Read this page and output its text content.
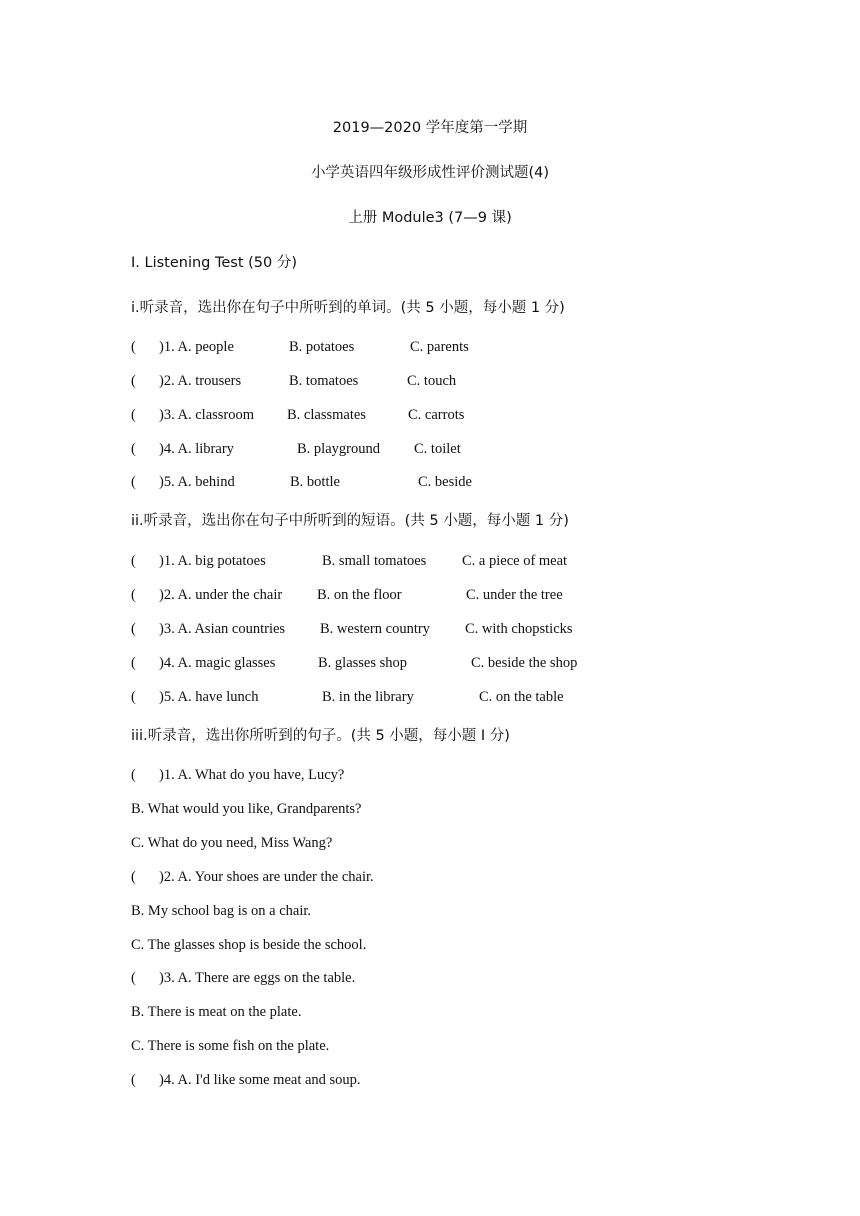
2019—2020 学年度第一学期
小学英语四年级形成性评价测试题(4)
上册 Module3 (7—9 课)
Ⅰ. Listening Test (50 分)
i.听录音，选出你在句子中所听到的单词。(共 5 小题，每小题 1 分)
( )1. A. people	B. potatoes	C. parents
( )2. A. trousers	B. tomatoes	C. touch
( )3. A. classroom B. classmates	C. carrots
( )4. A. library	B. playground C. toilet
( )5. A. behind	B. bottle	C. beside
ii.听录音，选出你在句子中所听到的短语。(共 5 小题，每小题 1 分)
( )1. A. big potatoes	B. small tomatoes C. a piece of meat
( )2. A. under the chair B. on the floor	C. under the tree
( )3. A. Asian countries B. western country C. with chopsticks
( )4. A. magic glasses	B. glasses shop	C. beside the shop
( )5. A. have lunch	B. in the library	C. on the table
iii.听录音，选出你所听到的句子。(共 5 小题，每小题 I 分)
( )1. A. What do you have, Lucy?
B. What would you like, Grandparents?
C. What do you need, Miss Wang?
( )2. A. Your shoes are under the chair.
B. My school bag is on a chair.
C. The glasses shop is beside the school.
( )3. A. There are eggs on the table.
B. There is meat on the plate.
C. There is some fish on the plate.
( )4. A. I'd like some meat and soup.
